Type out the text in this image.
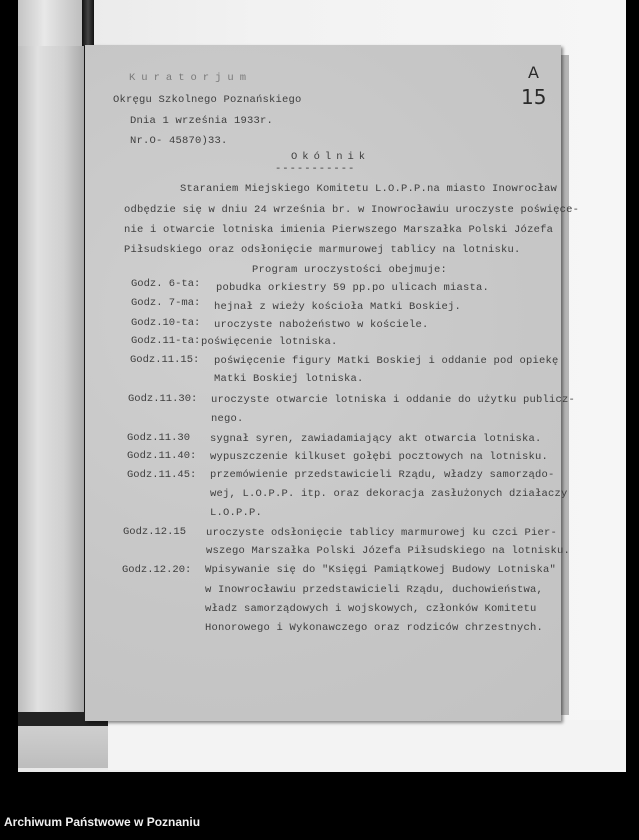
Kuratorjum
Okręgu Szkolnego Poznańskiego
Dnia 1 września 1933r.
Nr.O- 45870)33.
A
15
Okólnik
-----------
Staraniem Miejskiego Komitetu L.O.P.P.na miasto Inowrocław
odbędzie się w dniu 24 września br. w Inowrocławiu uroczyste poświęce-
nie i otwarcie lotniska imienia Pierwszego Marszałka Polski Józefa
Piłsudskiego oraz odsłonięcie marmurowej tablicy na lotnisku.
Program uroczystości obejmuje:
Godz. 6-ta: pobudka orkiestry 59 pp.po ulicach miasta.
Godz. 7-ma: hejnał z wieży kościoła Matki Boskiej.
Godz.10-ta: uroczyste nabożeństwo w kościele.
Godz.11-ta: poświęcenie lotniska.
Godz.11.15: poświęcenie figury Matki Boskiej i oddanie pod opiekę
Matki Boskiej lotniska.
Godz.11.30: uroczyste otwarcie lotniska i oddanie do użytku publicz-
nego.
Godz.11.30 sygnał syren, zawiadamiający akt otwarcia lotniska.
Godz.11.40: wypuszczenie kilkuset gołębi pocztowych na lotnisku.
Godz.11.45: przemówienie przedstawicieli Rządu, władzy samorządo-
wej, L.O.P.P. itp. oraz dekoracja zasłużonych działaczy
L.O.P.P.
Godz.12.15 uroczyste odsłonięcie tablicy marmurowej ku czci Pier-
wszego Marszałka Polski Józefa Piłsudskiego na lotnisku.
Godz.12.20: Wpisywanie się do "Księgi Pamiątkowej Budowy Lotniska"
w Inowrocławiu przedstawicieli Rządu, duchowieństwa,
władz samorządowych i wojskowych, członków Komitetu
Honorowego i Wykonawczego oraz rodziców chrzestnych.
Archiwum Państwowe w Poznaniu
